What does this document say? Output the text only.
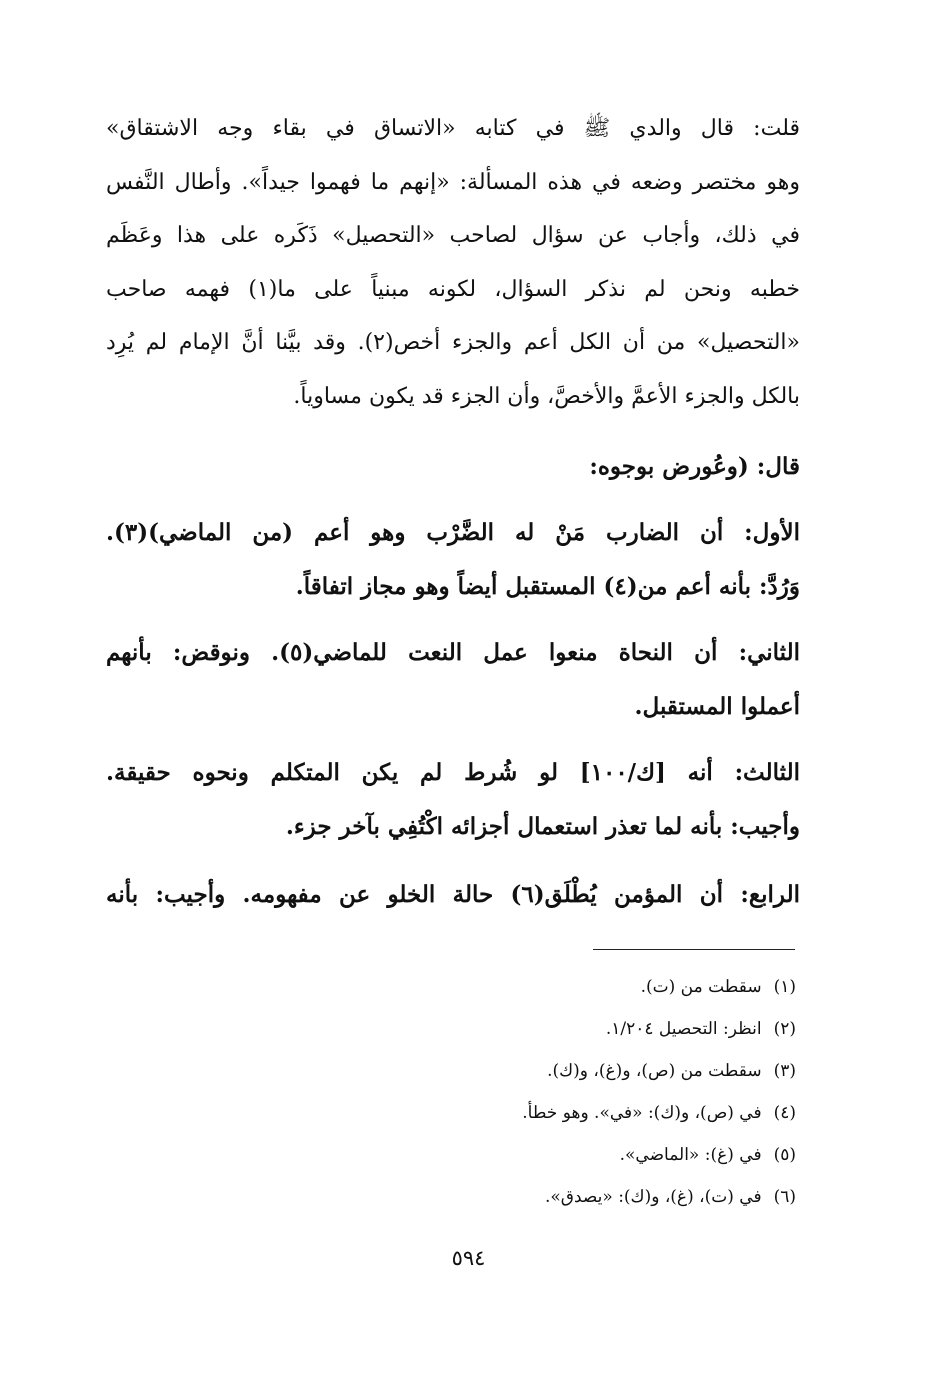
قلت: قال والدي ﷺ في كتابه «الاتساق في بقاء وجه الاشتقاق»
وهو مختصر وضعه في هذه المسألة: «إنهم ما فهموا جيداً». وأطال النَّفس
في ذلك، وأجاب عن سؤال لصاحب «التحصيل» ذَكَره على هذا وعَظَم
خطبه ونحن لم نذكر السؤال، لكونه مبنياً على ما(١) فهمه صاحب
«التحصيل» من أن الكل أعم والجزء أخص(٢). وقد بيَّنا أنَّ الإمام لم يُرِد
بالكل والجزء الأعمَّ والأخصَّ، وأن الجزء قد يكون مساوياً.
قال: (وعُورض بوجوه:
الأول: أن الضارب مَنْ له الضَّرْب وهو أعم (من الماضي)(٣).
وَرُدَّ: بأنه أعم من(٤) المستقبل أيضاً وهو مجاز اتفاقاً.
الثاني: أن النحاة منعوا عمل النعت للماضي(٥). ونوقض: بأنهم
أعملوا المستقبل.
الثالث: أنه [ك/١٠٠] لو شُرط لم يكن المتكلم ونحوه حقيقة.
وأجيب: بأنه لما تعذر استعمال أجزائه اكْتُفِي بآخر جزء.
الرابع: أن المؤمن يُطْلَق(٦) حالة الخلو عن مفهومه. وأجيب: بأنه
(١)سقطت من (ت).
(٢)انظر: التحصيل ١/٢٠٤.
(٣)سقطت من (ص)، و(غ)، و(ك).
(٤)في (ص)، و(ك): «في». وهو خطأ.
(٥)في (غ): «الماضي».
(٦)في (ت)، (غ)، و(ك): «يصدق».
٥٩٤
